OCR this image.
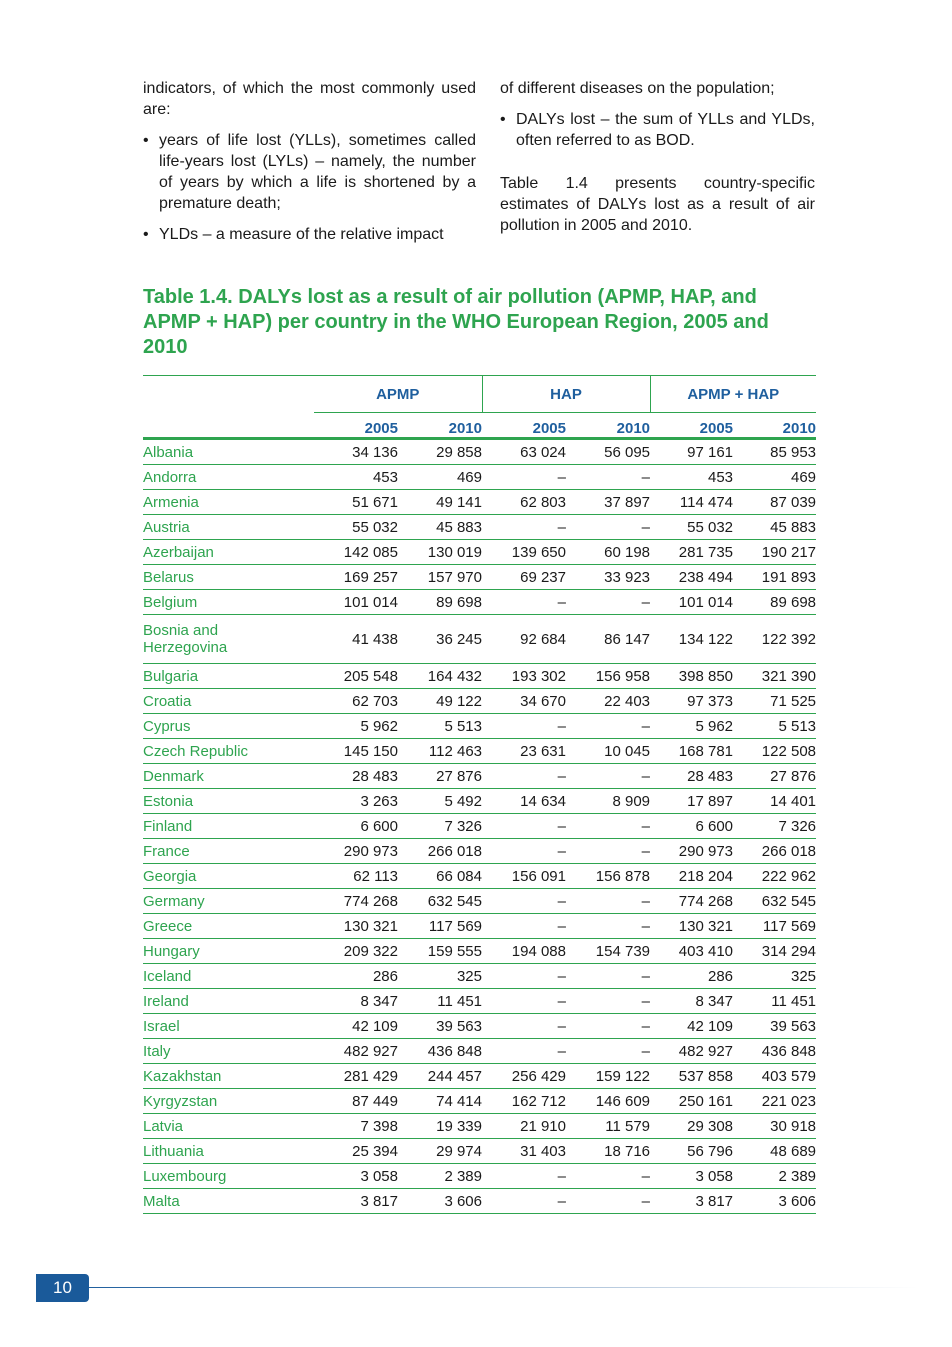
indicators, of which the most commonly used are:

• years of life lost (YLLs), sometimes called life-years lost (LYLs) – namely, the number of years by which a life is shortened by a premature death;
• YLDs – a measure of the relative impact

of different diseases on the population;

• DALYs lost – the sum of YLLs and YLDs, often referred to as BOD.

Table 1.4 presents country-specific estimates of DALYs lost as a result of air pollution in 2005 and 2010.

Table 1.4. DALYs lost as a result of air pollution (APMP, HAP, and APMP + HAP) per country in the WHO European Region, 2005 and 2010
	APMP		HAP		APMP + HAP	
	2005	2010	2005	2010	2005	2010
Albania	34 136	29 858	63 024	56 095	97 161	85 953
Andorra	453	469	–	–	453	469
Armenia	51 671	49 141	62 803	37 897	114 474	87 039
Austria	55 032	45 883	–	–	55 032	45 883
Azerbaijan	142 085	130 019	139 650	60 198	281 735	190 217
Belarus	169 257	157 970	69 237	33 923	238 494	191 893
Belgium	101 014	89 698	–	–	101 014	89 698
Bosnia and Herzegovina	41 438	36 245	92 684	86 147	134 122	122 392
Bulgaria	205 548	164 432	193 302	156 958	398 850	321 390
Croatia	62 703	49 122	34 670	22 403	97 373	71 525
Cyprus	5 962	5 513	–	–	5 962	5 513
Czech Republic	145 150	112 463	23 631	10 045	168 781	122 508
Denmark	28 483	27 876	–	–	28 483	27 876
Estonia	3 263	5 492	14 634	8 909	17 897	14 401
Finland	6 600	7 326	–	–	6 600	7 326
France	290 973	266 018	–	–	290 973	266 018
Georgia	62 113	66 084	156 091	156 878	218 204	222 962
Germany	774 268	632 545	–	–	774 268	632 545
Greece	130 321	117 569	–	–	130 321	117 569
Hungary	209 322	159 555	194 088	154 739	403 410	314 294
Iceland	286	325	–	–	286	325
Ireland	8 347	11 451	–	–	8 347	11 451
Israel	42 109	39 563	–	–	42 109	39 563
Italy	482 927	436 848	–	–	482 927	436 848
Kazakhstan	281 429	244 457	256 429	159 122	537 858	403 579
Kyrgyzstan	87 449	74 414	162 712	146 609	250 161	221 023
Latvia	7 398	19 339	21 910	11 579	29 308	30 918
Lithuania	25 394	29 974	31 403	18 716	56 796	48 689
Luxembourg	3 058	2 389	–	–	3 058	2 389
Malta	3 817	3 606	–	–	3 817	3 606
10
